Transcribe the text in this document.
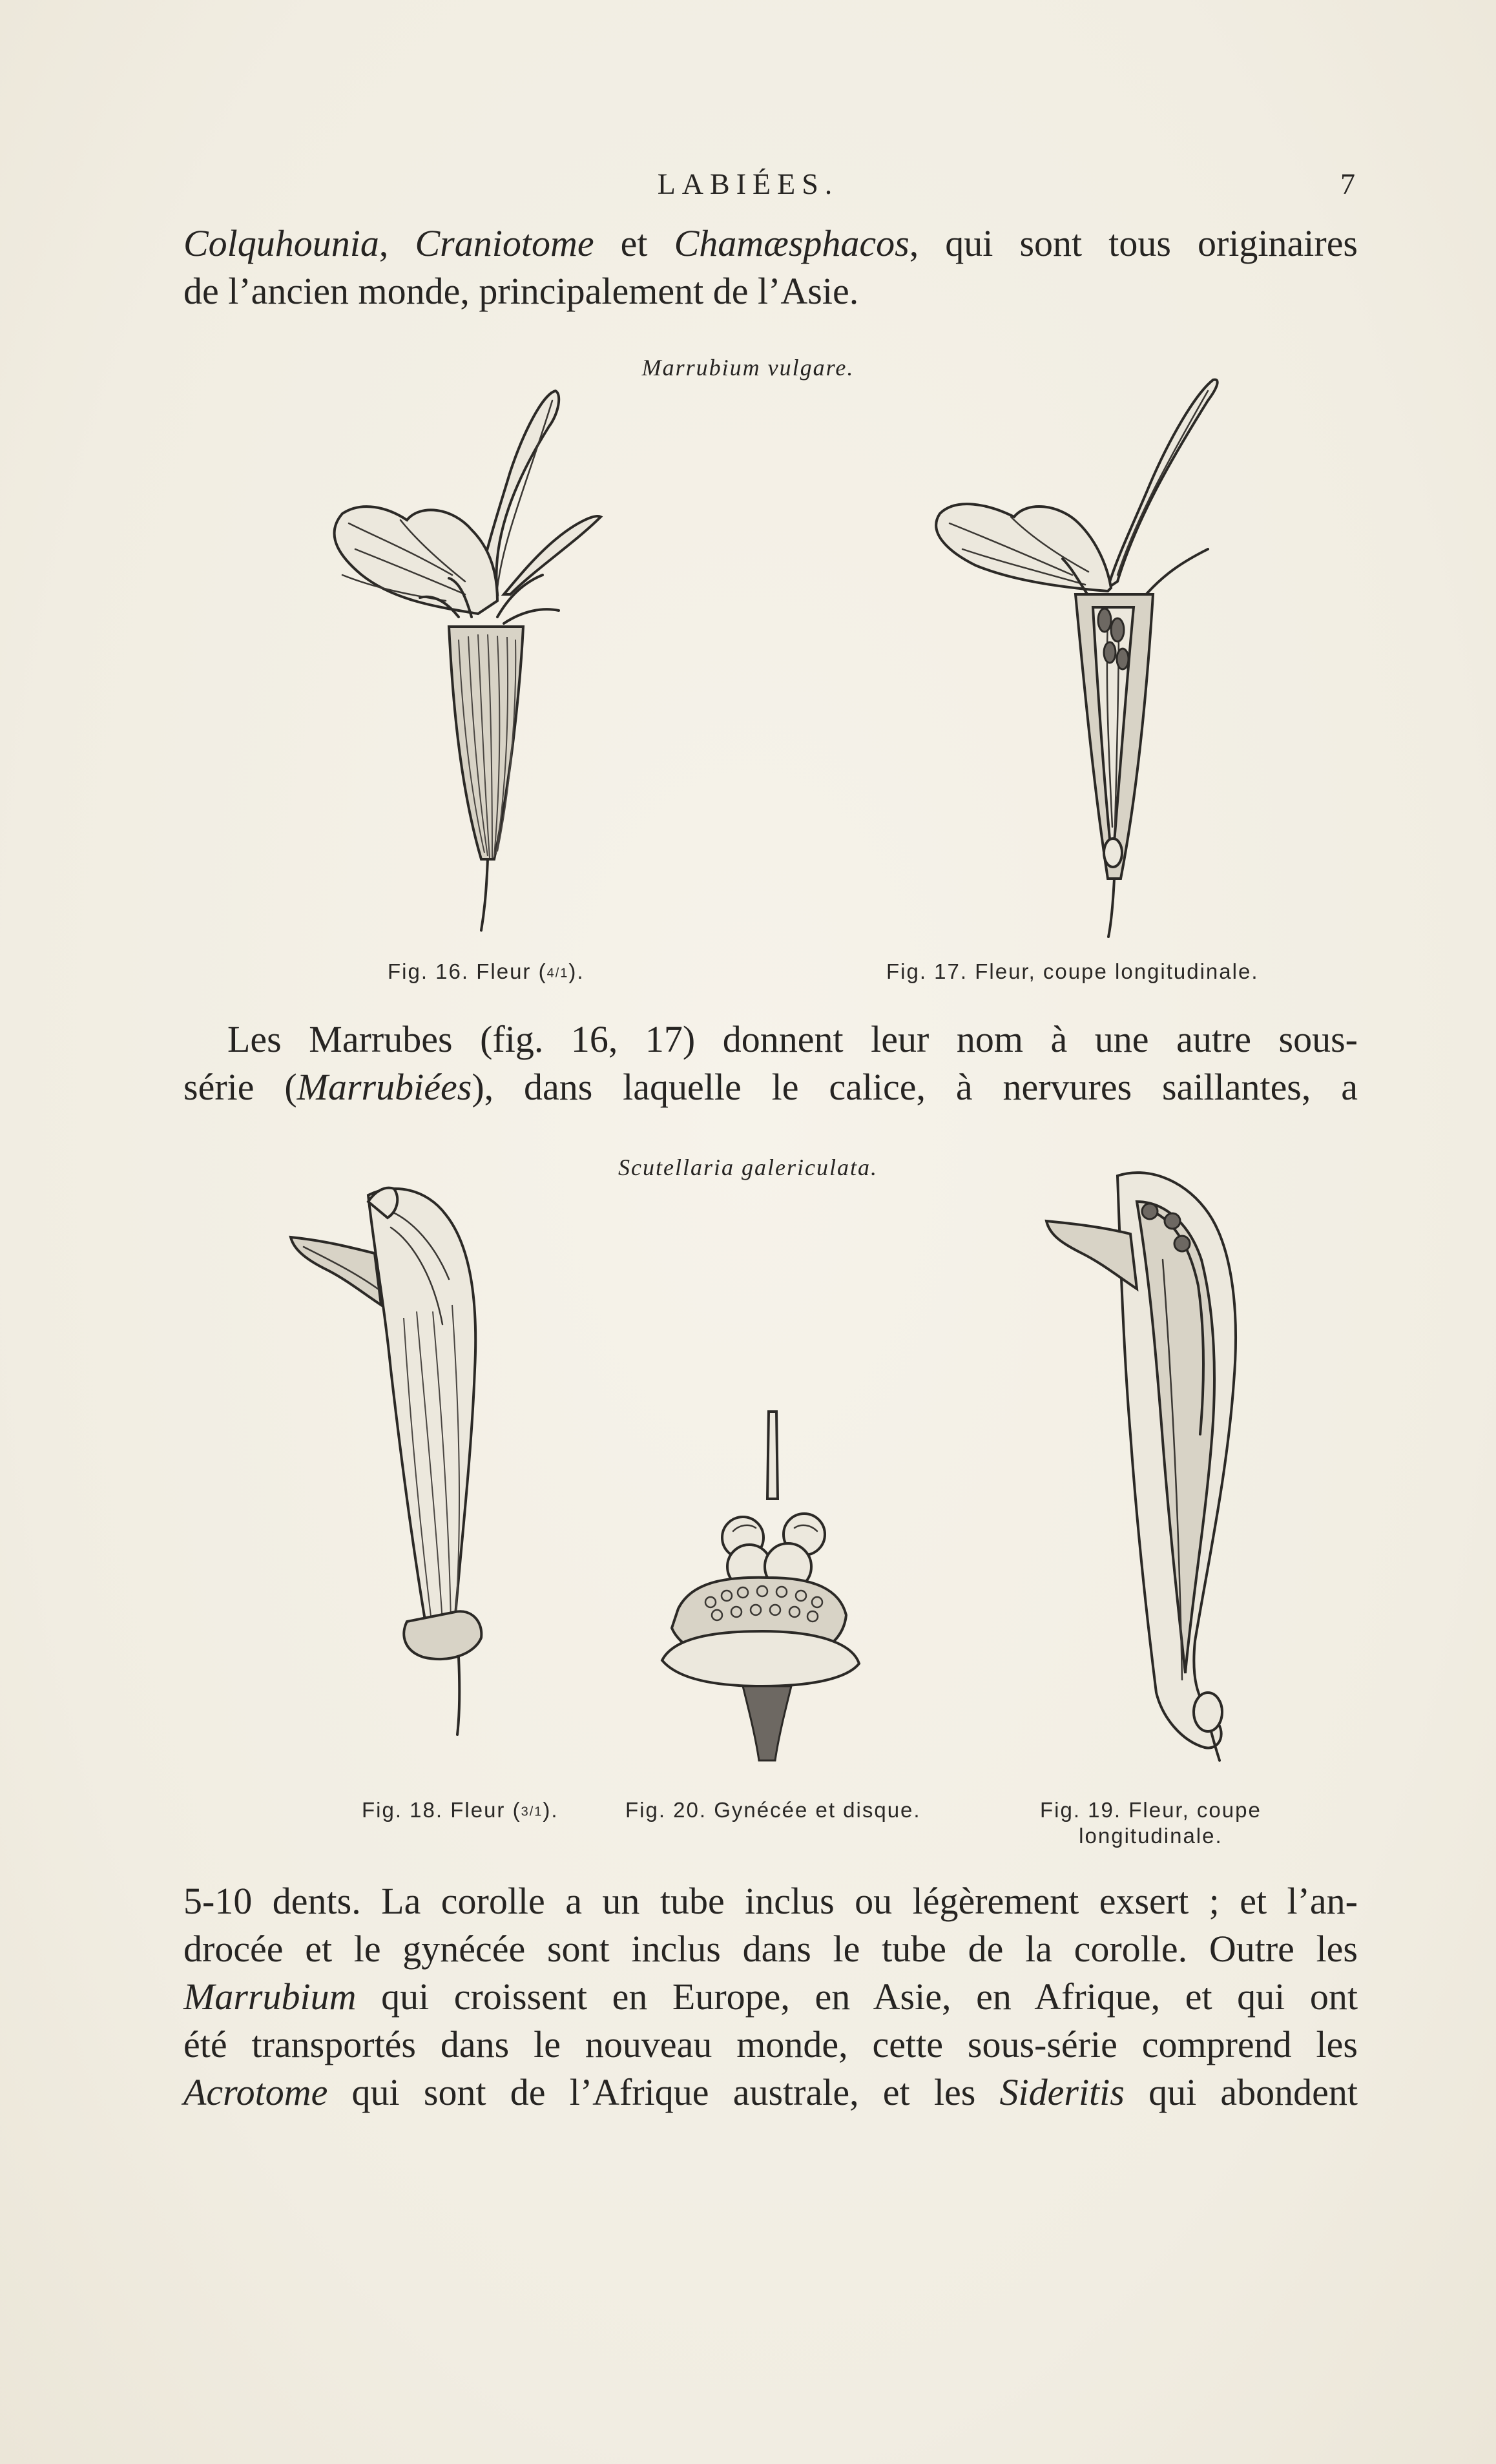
LABIÉES.	7
Colquhounia, Craniotome et Chamæsphacos, qui sont tous originaires
de l’ancien monde, principalement de l’Asie.
Marrubium vulgare.
Fig. 16. Fleur (4/1).	Fig. 17. Fleur, coupe longitudinale.
Les Marrubes (fig. 16, 17) donnent leur nom à une autre sous-
série (Marrubiées), dans laquelle le calice, à nervures saillantes, a
Scutellaria galericulata.
Fig. 18. Fleur (3/1).	Fig. 20. Gynécée et disque.	Fig. 19. Fleur, coupe
longitudinale.
5-10 dents. La corolle a un tube inclus ou légèrement exsert ; et l’an-
drocée et le gynécée sont inclus dans le tube de la corolle. Outre les
Marrubium qui croissent en Europe, en Asie, en Afrique, et qui ont
été transportés dans le nouveau monde, cette sous-série comprend les
Acrotome qui sont de l’Afrique australe, et les Sideritis qui abondent
